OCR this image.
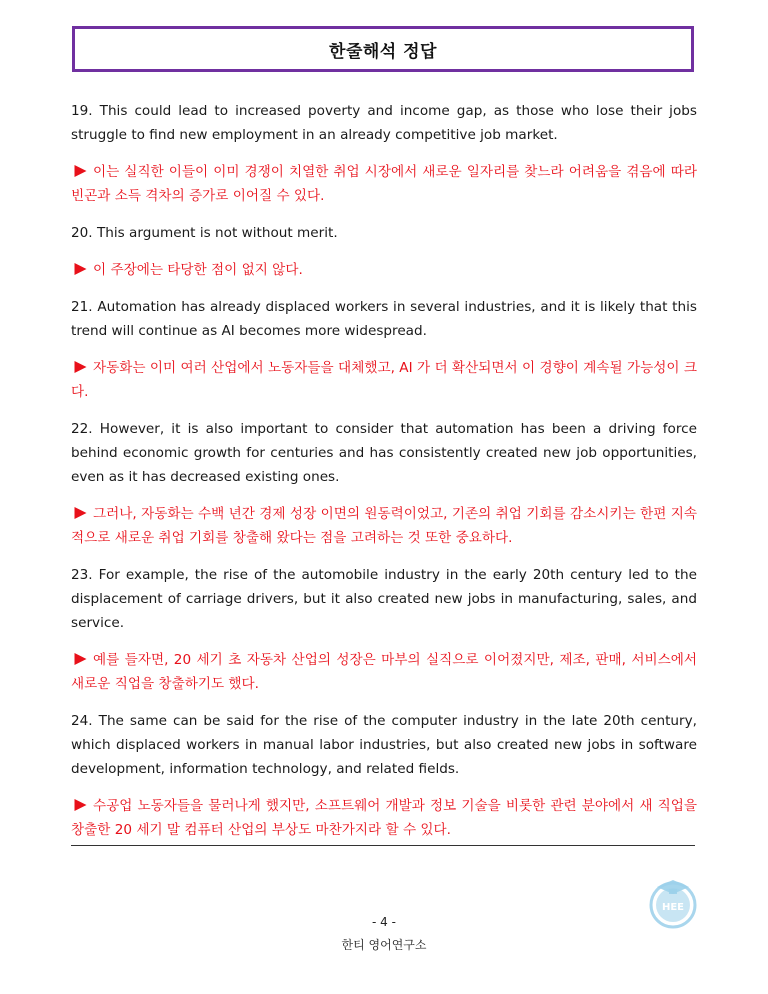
한줄해석 정답

19. This could lead to increased poverty and income gap, as those who lose their jobs struggle to find new employment in an already competitive job market.

이는 실직한 이들이 이미 경쟁이 치열한 취업 시장에서 새로운 일자리를 찾느라 어려움을 겪음에 따라 빈곤과 소득 격차의 증가로 이어질 수 있다.

20. This argument is not without merit.

이 주장에는 타당한 점이 없지 않다.

21. Automation has already displaced workers in several industries, and it is likely that this trend will continue as AI becomes more widespread.

자동화는 이미 여러 산업에서 노동자들을 대체했고, AI 가 더 확산되면서 이 경향이 계속될 가능성이 크다.

22. However, it is also important to consider that automation has been a driving force behind economic growth for centuries and has consistently created new job opportunities, even as it has decreased existing ones.

그러나, 자동화는 수백 년간 경제 성장 이면의 원동력이었고, 기존의 취업 기회를 감소시키는 한편 지속적으로 새로운 취업 기회를 창출해 왔다는 점을 고려하는 것 또한 중요하다.

23. For example, the rise of the automobile industry in the early 20th century led to the displacement of carriage drivers, but it also created new jobs in manufacturing, sales, and service.

예를 들자면, 20 세기 초 자동차 산업의 성장은 마부의 실직으로 이어졌지만, 제조, 판매, 서비스에서 새로운 직업을 창출하기도 했다.

24. The same can be said for the rise of the computer industry in the late 20th century, which displaced workers in manual labor industries, but also created new jobs in software development, information technology, and related fields.

수공업 노동자들을 물러나게 했지만, 소프트웨어 개발과 정보 기술을 비롯한 관련 분야에서 새 직업을 창출한 20 세기 말 컴퓨터 산업의 부상도 마찬가지라 할 수 있다.

HEE
- 4 -
한티 영어연구소
